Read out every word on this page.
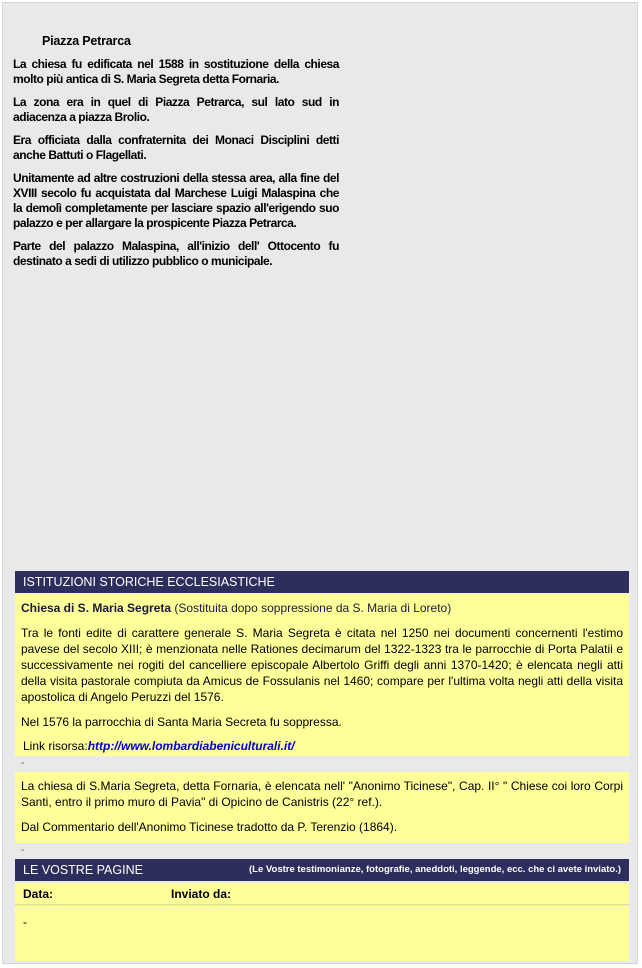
Piazza Petrarca

La chiesa fu edificata nel 1588 in sostituzione della chiesa molto più antica di S. Maria Segreta detta Fornaria.

La zona era in quel di Piazza Petrarca, sul lato sud in adiacenza a piazza Brolio.

Era officiata dalla confraternita dei Monaci Disciplini detti anche Battuti o Flagellati.

Unitamente ad altre costruzioni della stessa area, alla fine del XVIII secolo fu acquistata dal Marchese Luigi Malaspina che la demolì completamente per lasciare spazio all'erigendo suo palazzo e per allargare la prospicente Piazza Petrarca.

Parte del palazzo Malaspina, all'inizio dell' Ottocento fu destinato a sedi di utilizzo pubblico o municipale.

ISTITUZIONI STORICHE ECCLESIASTICHE

Chiesa di S. Maria Segreta (Sostituita dopo soppressione da S. Maria di Loreto)

Tra le fonti edite di carattere generale S. Maria Segreta è citata nel 1250 nei documenti concernenti l'estimo pavese del secolo XIII; è menzionata nelle Rationes decimarum del 1322-1323 tra le parrocchie di Porta Palatii e successivamente nei rogiti del cancelliere episcopale Albertolo Griffi degli anni 1370-1420; è elencata negli atti della visita pastorale compiuta da Amicus de Fossulanis nel 1460; compare per l'ultima volta negli atti della visita apostolica di Angelo Peruzzi del 1576.

Nel 1576 la parrocchia di Santa Maria Secreta fu soppressa.

Link risorsa:http://www.lombardiabeniculturali.it/
-

La chiesa di S.Maria Segreta, detta Fornaria, è elencata nell' "Anonimo Ticinese", Cap. II° " Chiese coi loro Corpi Santi, entro il primo muro di Pavia" di Opicino de Canistris (22° ref.).

Dal Commentario dell'Anonimo Ticinese tradotto da P. Terenzio (1864).

-
LE VOSTRE PAGINE	(Le Vostre testimonianze, fotografie, aneddoti, leggende, ecc. che ci avete inviato.)
Data:	Inviato da:
-
